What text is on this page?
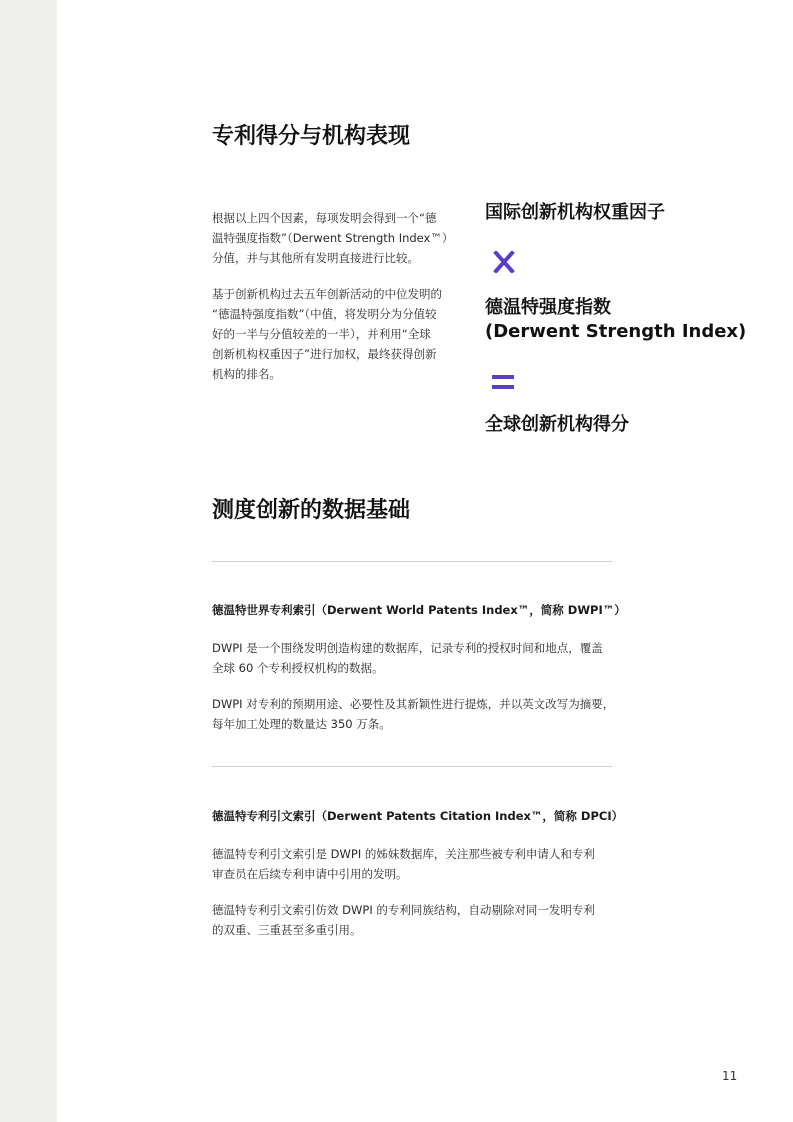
专利得分与机构表现

根据以上四个因素，每项发明会得到一个“德
温特强度指数”（Derwent Strength Index™）
分值，并与其他所有发明直接进行比较。

基于创新机构过去五年创新活动的中位发明的
“德温特强度指数”（中值，将发明分为分值较
好的一半与分值较差的一半），并利用“全球
创新机构权重因子”进行加权，最终获得创新
机构的排名。

国际创新机构权重因子

德温特强度指数
(Derwent Strength Index)

全球创新机构得分

测度创新的数据基础

德温特世界专利索引（Derwent World Patents Index™，简称 DWPI™）

DWPI 是一个围绕发明创造构建的数据库，记录专利的授权时间和地点，覆盖
全球 60 个专利授权机构的数据。

DWPI 对专利的预期用途、必要性及其新颖性进行提炼，并以英文改写为摘要，
每年加工处理的数量达 350 万条。

德温特专利引文索引（Derwent Patents Citation Index™，简称 DPCI）

德温特专利引文索引是 DWPI 的姊妹数据库，关注那些被专利申请人和专利
审查员在后续专利申请中引用的发明。

德温特专利引文索引仿效 DWPI 的专利同族结构，自动剔除对同一发明专利
的双重、三重甚至多重引用。

11
